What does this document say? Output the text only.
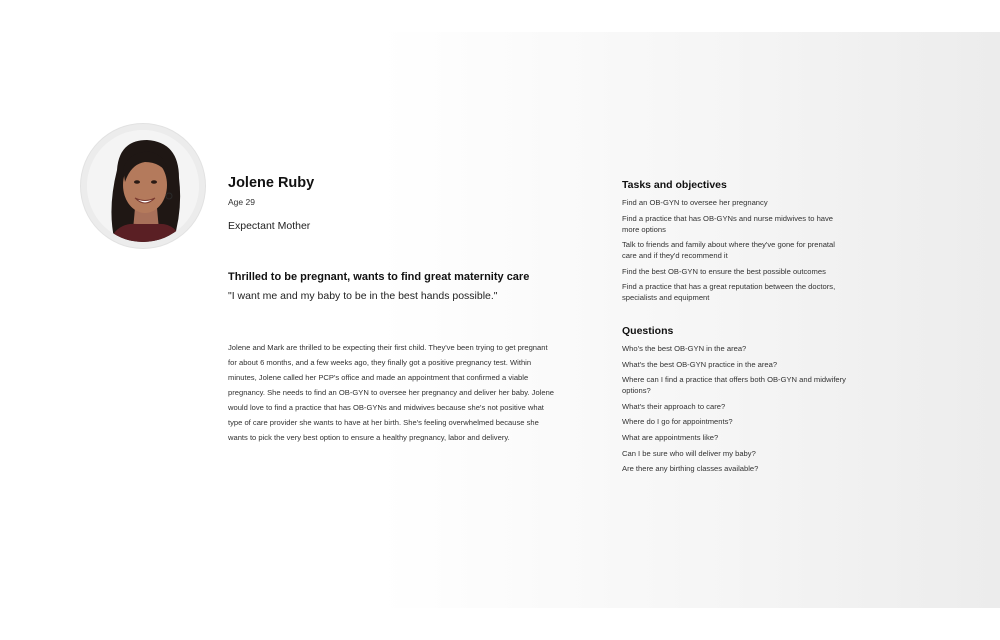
Jolene Ruby
Age 29
Expectant Mother
Thrilled to be pregnant, wants to find great maternity care
"I want me and my baby to be in the best hands possible."

Jolene and Mark are thrilled to be expecting their first child. They've been trying to get pregnant for about 6 months, and a few weeks ago, they finally got a positive pregnancy test. Within minutes, Jolene called her PCP's office and made an appointment that confirmed a viable pregnancy. She needs to find an OB-GYN to oversee her pregnancy and deliver her baby. Jolene would love to find a practice that has OB-GYNs and midwives because she's not positive what type of care provider she wants to have at her birth. She's feeling overwhelmed because she wants to pick the very best option to ensure a healthy pregnancy, labor and delivery.

Tasks and objectives
Find an OB-GYN to oversee her pregnancy
Find a practice that has OB-GYNs and nurse midwives to have more options
Talk to friends and family about where they've gone for prenatal care and if they'd recommend it
Find the best OB-GYN to ensure the best possible outcomes
Find a practice that has a great reputation between the doctors, specialists and equipment
Questions
Who's the best OB-GYN in the area?
What's the best OB-GYN practice in the area?
Where can I find a practice that offers both OB-GYN and midwifery options?
What's their approach to care?
Where do I go for appointments?
What are appointments like?
Can I be sure who will deliver my baby?
Are there any birthing classes available?
